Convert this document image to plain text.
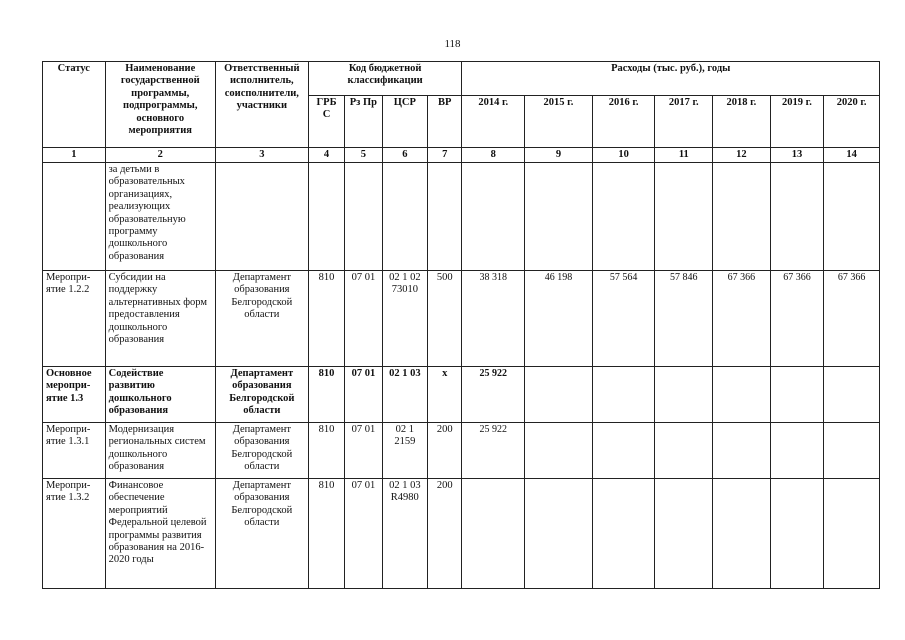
118
Статус	Наименование государственной программы, подпрограммы, основного мероприятия	Ответственный исполнитель, соисполнители, участники	Код бюджетной классификации				Расходы (тыс. руб.), годы						
			ГРБ С	Рз Пр	ЦСР	ВР	2014 г.	2015 г.	2016 г.	2017 г.	2018 г.	2019 г.	2020 г.
1	2	3	4	5	6	7	8	9	10	11	12	13	14
	за детьми в образовательных организациях, реализующих образовательную программу дошкольного образования												
Меропри-ятие 1.2.2	Субсидии на поддержку альтернативных форм предоставления дошкольного образования	Департамент образования Белгородской области	810	07 01	02 1 02 73010	500	38 318	46 198	57 564	57 846	67 366	67 366	67 366
Основное меропри-ятие 1.3	Содействие развитию дошкольного образования	Департамент образования Белгородской области	810	07 01	02 1 03	х	25 922						
Меропри-ятие 1.3.1	Модернизация региональных систем дошкольного образования	Департамент образования Белгородской области	810	07 01	02 1 2159	200	25 922						
Меропри-ятие 1.3.2	Финансовое обеспечение мероприятий Федеральной целевой программы развития образования на 2016-2020 годы	Департамент образования Белгородской области	810	07 01	02 1 03 R4980	200							
